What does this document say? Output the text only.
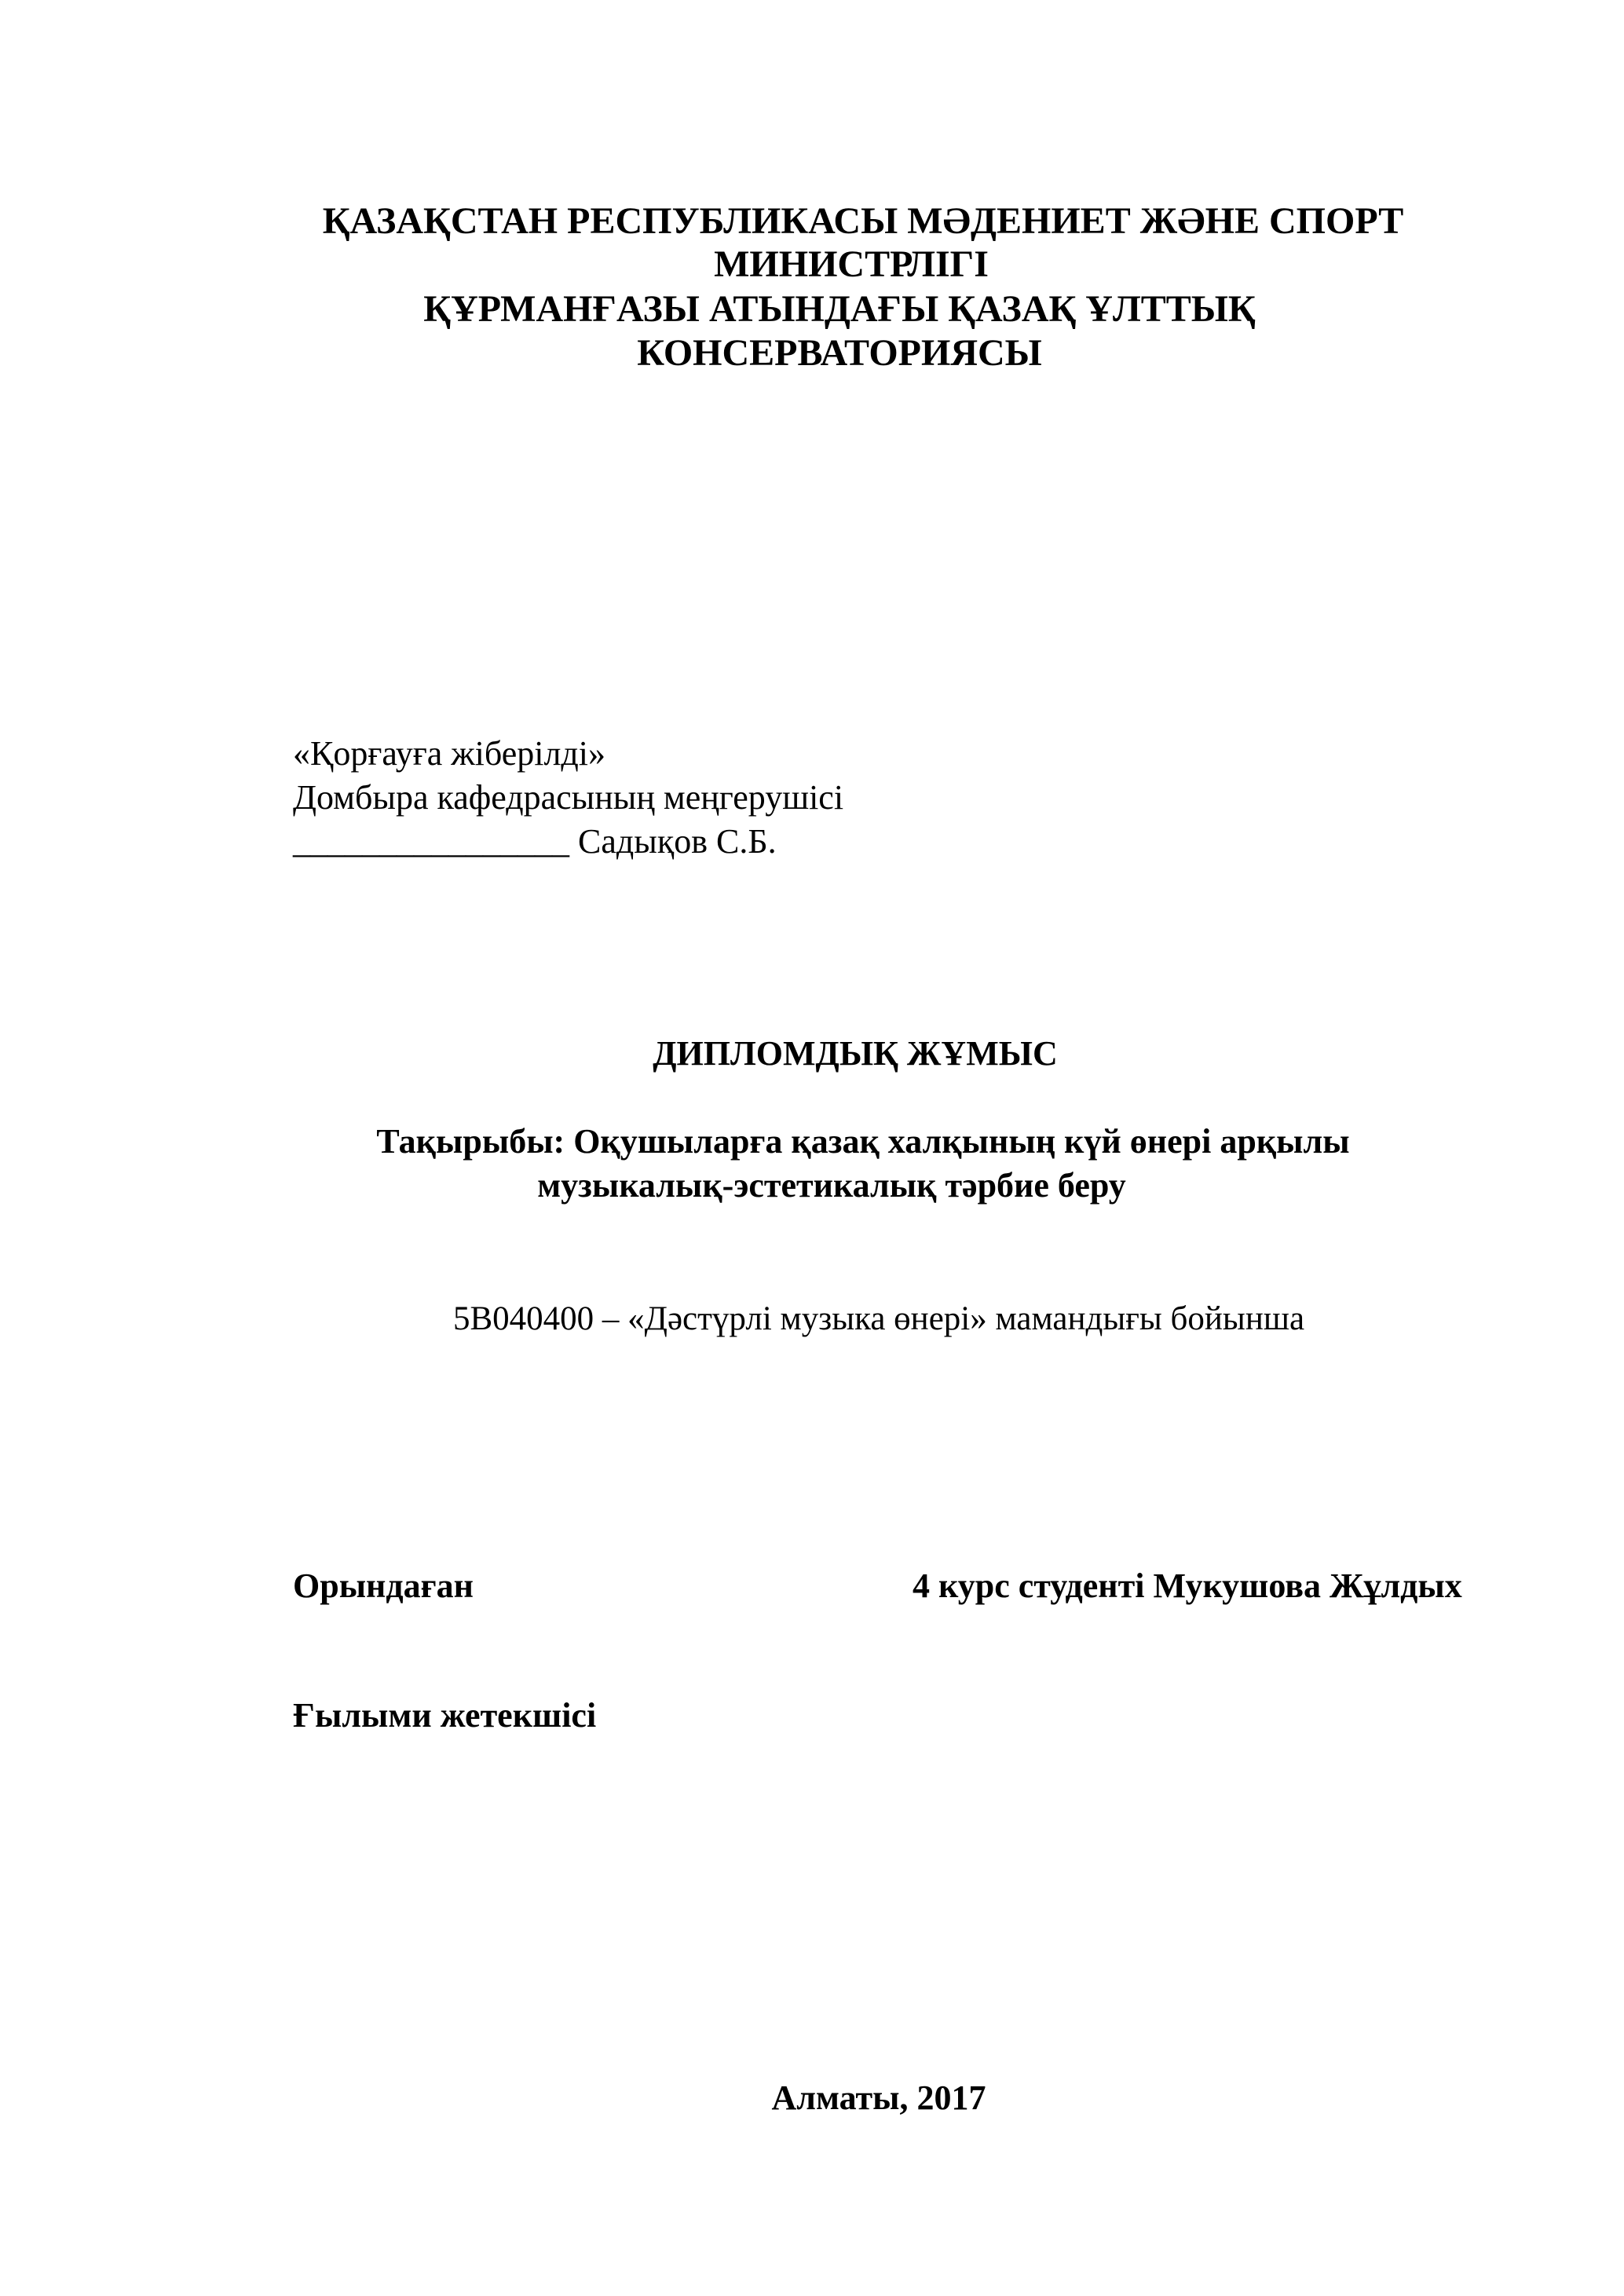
ҚАЗАҚСТАН РЕСПУБЛИКАСЫ МӘДЕНИЕТ ЖӘНЕ СПОРТ
МИНИСТРЛІГІ
ҚҰРМАНҒАЗЫ АТЫНДАҒЫ ҚАЗАҚ ҰЛТТЫҚ
КОНСЕРВАТОРИЯСЫ
«Қорғауға жіберілді»
Домбыра кафедрасының меңгерушісі
________________ Садықов С.Б.
ДИПЛОМДЫҚ ЖҰМЫС
Тақырыбы: Оқушыларға қазақ халқының күй өнері арқылы
музыкалық-эстетикалық тәрбие беру
5В040400 – «Дәстүрлі музыка өнері» мамандығы бойынша
Орындаған	4 курс студенті Мукушова Жұлдых
Ғылыми жетекшісі
Алматы, 2017
